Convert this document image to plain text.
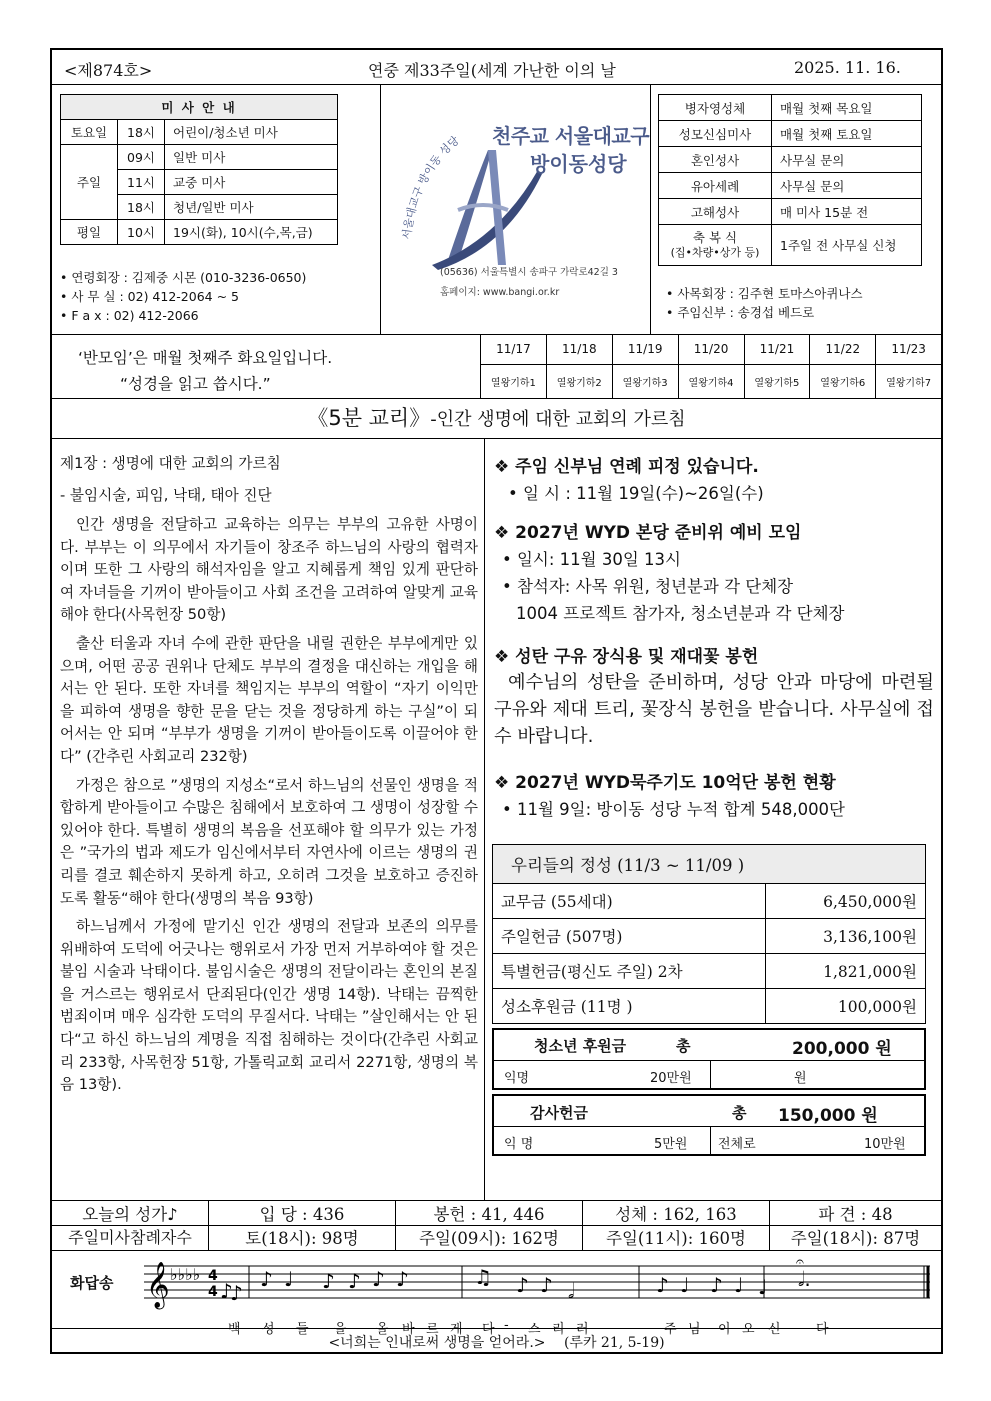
<제874호>	연중 제33주일(세계 가난한 이의 날	2025. 11. 16.
미 사 안 내		
토요일	18시	어린이/청소년 미사
주일	09시	일반 미사
	11시	교중 미사
	18시	청년/일반 미사
평일	10시	19시(화), 10시(수,목,금)
• 연령회장 : 김제중 시몬 (010-3236-0650)
• 사 무 실 : 02) 412-2064 ~ 5
• F a x : 02) 412-2066
서울대교구 방이동 성당 천주교 서울대교구
방이동성당
(05636) 서울특별시 송파구 가락로42길 3
홈페이지: www.bangi.or.kr
병자영성체	매월 첫째 목요일
성모신심미사	매월 첫째 토요일
혼인성사	사무실 문의
유아세례	사무실 문의
고해성사	매 미사 15분 전

축 복 식
(집•차량•상가 등)	1주일 전 사무실 신청
• 사목회장 : 김주현 토마스아퀴나스
• 주임신부 : 송경섭 베드로
‘반모임’은 매월 첫째주 화요일입니다.
“성경을 읽고 씁시다.”
11/17	11/18	11/19	11/20	11/21	11/22	11/23
열왕기하1	열왕기하2	열왕기하3	열왕기하4	열왕기하5	열왕기하6	열왕기하7
《5분 교리》-인간 생명에 대한 교회의 가르침
제1장 : 생명에 대한 교회의 가르침
- 불임시술, 피임, 낙태, 태아 진단

인간 생명을 전달하고 교육하는 의무는 부부의 고유한 사명이다. 부부는 이 의무에서 자기들이 창조주 하느님의 사랑의 협력자이며 또한 그 사랑의 해석자임을 알고 지혜롭게 책임 있게 판단하여 자녀들을 기꺼이 받아들이고 사회 조건을 고려하여 알맞게 교육해야 한다(사목헌장 50항)

출산 터울과 자녀 수에 관한 판단을 내릴 권한은 부부에게만 있으며, 어떤 공공 권위나 단체도 부부의 결정을 대신하는 개입을 해서는 안 된다. 또한 자녀를 책임지는 부부의 역할이 “자기 이익만을 피하여 생명을 향한 문을 닫는 것을 정당하게 하는 구실”이 되어서는 안 되며 “부부가 생명을 기꺼이 받아들이도록 이끌어야 한다” (간추린 사회교리 232항)

가정은 참으로 ”생명의 지성소“로서 하느님의 선물인 생명을 적합하게 받아들이고 수많은 침해에서 보호하여 그 생명이 성장할 수 있어야 한다. 특별히 생명의 복음을 선포해야 할 의무가 있는 가정은 ”국가의 법과 제도가 임신에서부터 자연사에 이르는 생명의 권리를 결코 훼손하지 못하게 하고, 오히려 그것을 보호하고 증진하도록 활동“해야 한다(생명의 복음 93항)

하느님께서 가정에 맡기신 인간 생명의 전달과 보존의 의무를 위배하여 도덕에 어긋나는 행위로서 가장 먼저 거부하여야 할 것은 불임 시술과 낙태이다. 불임시술은 생명의 전달이라는 혼인의 본질을 거스르는 행위로서 단죄된다(인간 생명 14항). 낙태는 끔찍한 범죄이며 매우 심각한 도덕의 무질서다. 낙태는 ”살인해서는 안 된다“고 하신 하느님의 계명을 직접 침해하는 것이다(간추린 사회교리 233항, 사목헌장 51항, 가톨릭교회 교리서 2271항, 생명의 복음 13항).

❖ 주임 신부님 연례 피정 있습니다.
• 일 시 : 11월 19일(수)~26일(수)
❖ 2027년 WYD 본당 준비위 예비 모임
• 일시: 11월 30일 13시
• 참석자: 사목 위원, 청년분과 각 단체장
1004 프로젝트 참가자, 청소년분과 각 단체장
❖ 성탄 구유 장식용 및 재대꽃 봉헌
예수님의 성탄을 준비하며, 성당 안과 마당에 마련될 구유와 제대 트리, 꽃장식 봉헌을 받습니다. 사무실에 접수 바랍니다.
❖ 2027년 WYD묵주기도 10억단 봉헌 현황
• 11월 9일: 방이동 성당 누적 합계 548,000단
우리들의 정성 (11/3 ~ 11/09 )	
교무금 (55세대)	6,450,000원
주일헌금 (507명)	3,136,100원
특별헌금(평신도 주일) 2차	1,821,000원
성소후원금 (11명 )	100,000원
청소년 후원금	총	200,000 원
익명	20만원	원
감사헌금	총 150,000 원
익 명	5만원 전체로	10만원
오늘의 성가♪	입 당 : 436	봉헌 : 41, 446	성체 : 162, 163	파 견 : 48
주일미사참례자수	토(18시): 98명	주일(09시): 162명	주일(11시): 160명	주일(18시): 87명
화답송 𝄞 ♭♭♭♭ 4
4 ♪
♪
♪ ♩ ♪ ♪ ♪ ♪	♫ ♪ ♪ 𝅗𝅥	♪ ♩ ♪ ♩ ♩ 𝅗𝅥.
𝄐
백 성 들 을 올 바 르 게 다 - 스 리 러	주 님 이 오 신	다
<너희는 인내로써 생명을 얻어라.> (루카 21, 5-19)
